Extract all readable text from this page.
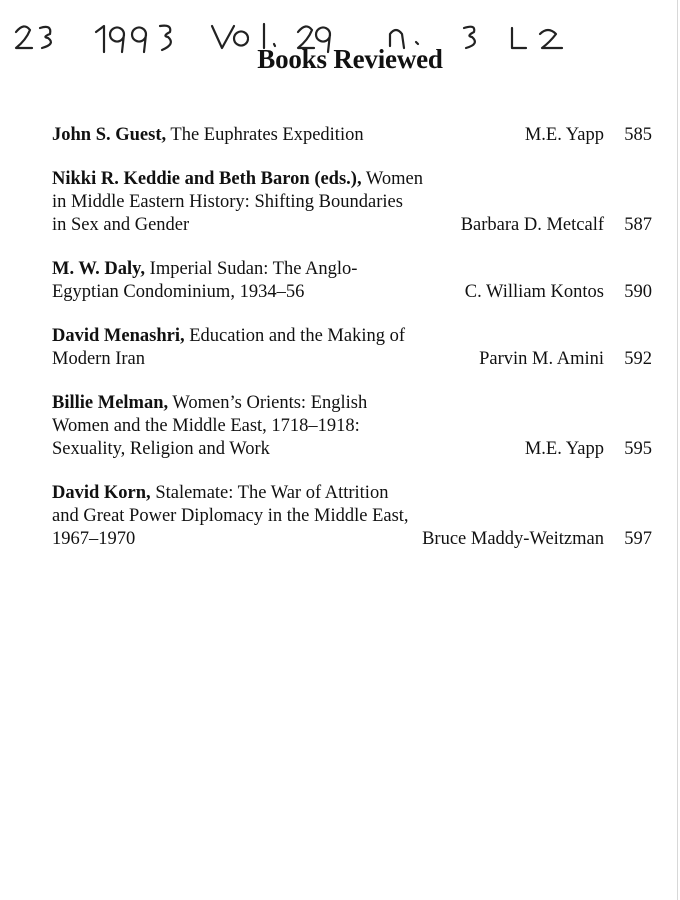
Books Reviewed
John S. Guest, The Euphrates Expedition	M.E. Yapp 585
Nikki R. Keddie and Beth Baron (eds.), Women
in Middle Eastern History: Shifting Boundaries
in Sex and Gender	Barbara D. Metcalf 587
M. W. Daly, Imperial Sudan: The Anglo-
Egyptian Condominium, 1934–56	C. William Kontos 590
David Menashri, Education and the Making of
Modern Iran	Parvin M. Amini 592
Billie Melman, Women’s Orients: English
Women and the Middle East, 1718–1918:
Sexuality, Religion and Work	M.E. Yapp 595
David Korn, Stalemate: The War of Attrition
and Great Power Diplomacy in the Middle East,
1967–1970	Bruce Maddy-Weitzman 597
